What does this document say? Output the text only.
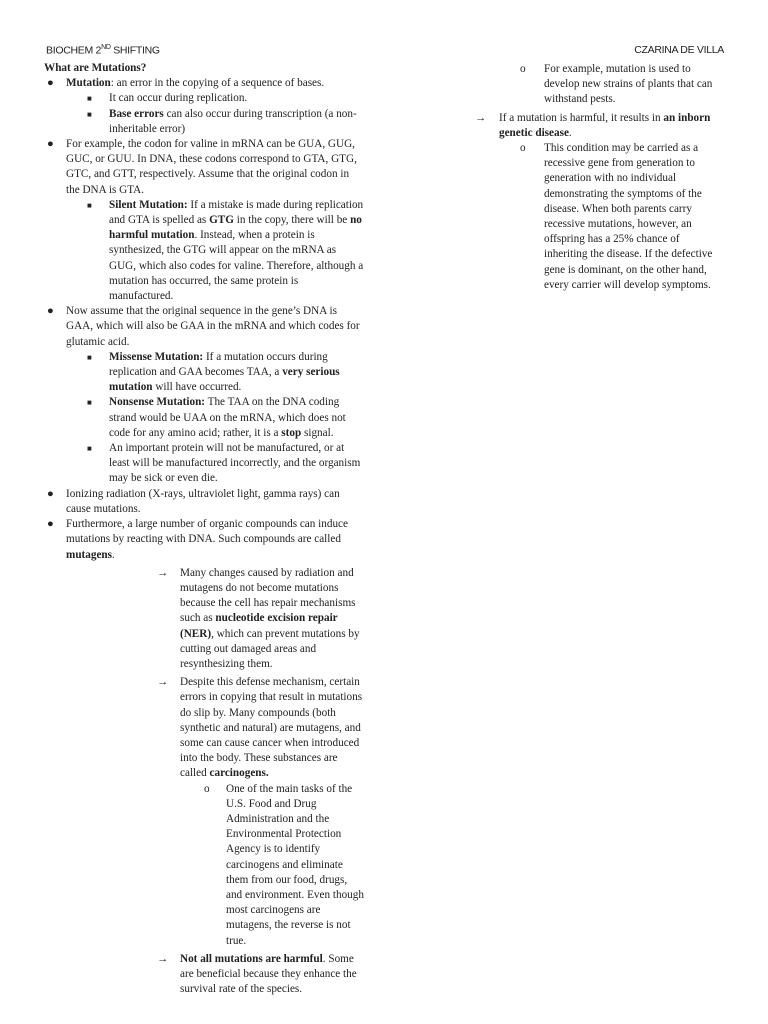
BIOCHEM 2ND SHIFTING	CZARINA DE VILLA

What are Mutations?

●	Mutation: an error in the copying of a sequence of bases.
■	It can occur during replication.
■	Base errors can also occur during transcription (a non-inheritable error)
●	For example, the codon for valine in mRNA can be GUA, GUG, GUC, or GUU. In DNA, these codons correspond to GTA, GTG, GTC, and GTT, respectively. Assume that the original codon in the DNA is GTA.
■	Silent Mutation: If a mistake is made during replication and GTA is spelled as GTG in the copy, there will be no harmful mutation. Instead, when a protein is synthesized, the GTG will appear on the mRNA as GUG, which also codes for valine. Therefore, although a mutation has occurred, the same protein is manufactured.
●	Now assume that the original sequence in the gene’s DNA is GAA, which will also be GAA in the mRNA and which codes for glutamic acid.
■	Missense Mutation: If a mutation occurs during replication and GAA becomes TAA, a very serious mutation will have occurred.
■	Nonsense Mutation: The TAA on the DNA coding strand would be UAA on the mRNA, which does not code for any amino acid; rather, it is a stop signal.
■	An important protein will not be manufactured, or at least will be manufactured incorrectly, and the organism may be sick or even die.
●	Ionizing radiation (X-rays, ultraviolet light, gamma rays) can cause mutations.
●	Furthermore, a large number of organic compounds can induce mutations by reacting with DNA. Such compounds are called mutagens.
→	Many changes caused by radiation and mutagens do not become mutations because the cell has repair mechanisms such as nucleotide excision repair (NER), which can prevent mutations by cutting out damaged areas and resynthesizing them.
→	Despite this defense mechanism, certain errors in copying that result in mutations do slip by. Many compounds (both synthetic and natural) are mutagens, and some can cause cancer when introduced into the body. These substances are called carcinogens.
o	One of the main tasks of the U.S. Food and Drug Administration and the Environmental Protection Agency is to identify carcinogens and eliminate them from our food, drugs, and environment. Even though most carcinogens are mutagens, the reverse is not true.
→	Not all mutations are harmful. Some are beneficial because they enhance the survival rate of the species.
o	For example, mutation is used to develop new strains of plants that can withstand pests.
→	If a mutation is harmful, it results in an inborn genetic disease.
o	This condition may be carried as a recessive gene from generation to generation with no individual demonstrating the symptoms of the disease. When both parents carry recessive mutations, however, an offspring has a 25% chance of inheriting the disease. If the defective gene is dominant, on the other hand, every carrier will develop symptoms.
